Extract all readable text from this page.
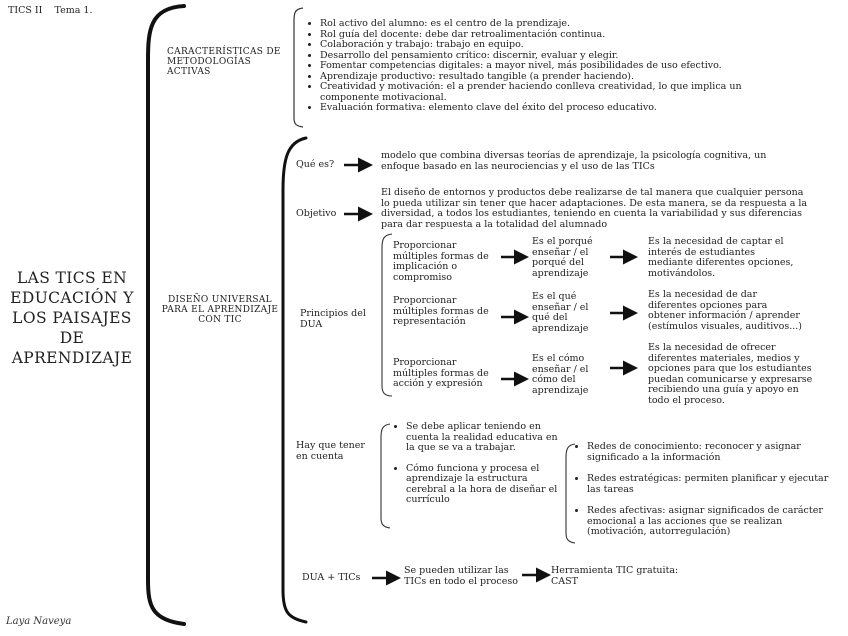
TICS II Tema 1.
LAS TICS EN EDUCACIÓN Y LOS PAISAJES DE APRENDIZAJE
Laya Naveya
CARACTERÍSTICAS DE METODOLOGÍAS ACTIVAS
• Rol activo del alumno: es el centro de la prendizaje.
• Rol guía del docente: debe dar retroalimentación continua.
• Colaboración y trabajo: trabajo en equipo.
• Desarrollo del pensamiento crítico: discernir, evaluar y elegir.
• Fomentar competencias digitales: a mayor nivel, más posibilidades de uso efectivo.
• Aprendizaje productivo: resultado tangible (a prender haciendo).
• Creatividad y motivación: el a prender haciendo conlleva creatividad, lo que implica un componente motivacional.
• Evaluación formativa: elemento clave del éxito del proceso educativo.
DISEÑO UNIVERSAL PARA EL APRENDIZAJE CON TIC
Qué es?
modelo que combina diversas teorías de aprendizaje, la psicología cognitiva, un enfoque basado en las neurociencias y el uso de las TICs
Objetivo
El diseño de entornos y productos debe realizarse de tal manera que cualquier persona lo pueda utilizar sin tener que hacer adaptaciones. De esta manera, se da respuesta a la diversidad, a todos los estudiantes, teniendo en cuenta la variabilidad y sus diferencias para dar respuesta a la totalidad del alumnado
Principios del DUA
Proporcionar múltiples formas de implicación o compromiso
Es el porqué enseñar / el porqué del aprendizaje
Es la necesidad de captar el interés de estudiantes mediante diferentes opciones, motivándolos.
Proporcionar múltiples formas de representación
Es el qué enseñar / el qué del aprendizaje
Es la necesidad de dar diferentes opciones para obtener información / aprender (estímulos visuales, auditivos...)
Proporcionar múltiples formas de acción y expresión
Es el cómo enseñar / el cómo del aprendizaje
Es la necesidad de ofrecer diferentes materiales, medios y opciones para que los estudiantes puedan comunicarse y expresarse recibiendo una guía y apoyo en todo el proceso.
Hay que tener en cuenta
• Se debe aplicar teniendo en cuenta la realidad educativa en la que se va a trabajar.
• Cómo funciona y procesa el aprendizaje la estructura cerebral a la hora de diseñar el currículo
• Redes de conocimiento: reconocer y asignar significado a la información
• Redes estratégicas: permiten planificar y ejecutar las tareas
• Redes afectivas: asignar significados de carácter emocional a las acciones que se realizan (motivación, autorregulación)
DUA + TICs
Se pueden utilizar las TICs en todo el proceso
Herramienta TIC gratuita: CAST
